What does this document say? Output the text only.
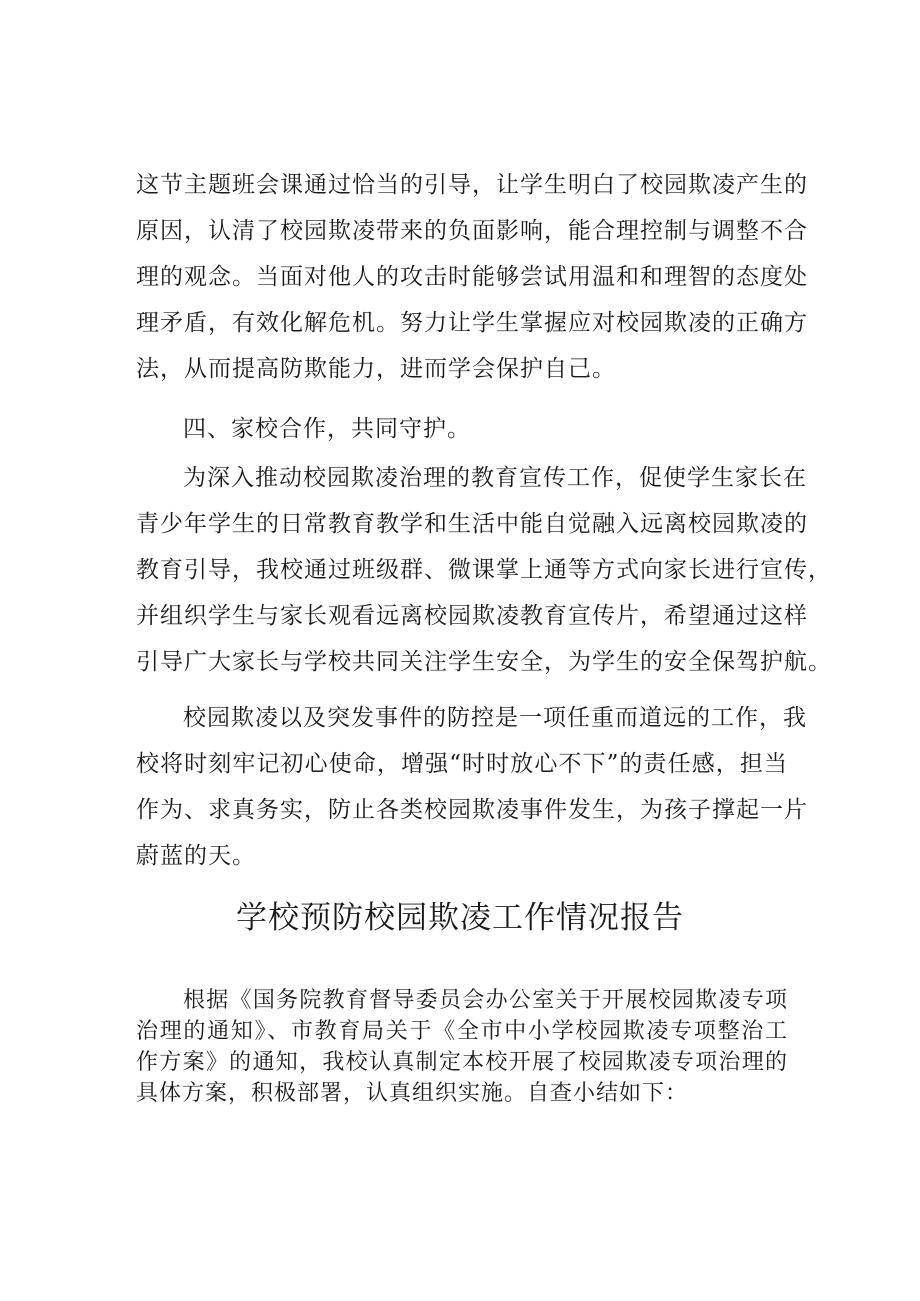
这节主题班会课通过恰当的引导，让学生明白了校园欺凌产生的
原因，认清了校园欺凌带来的负面影响，能合理控制与调整不合
理的观念。当面对他人的攻击时能够尝试用温和和理智的态度处
理矛盾，有效化解危机。努力让学生掌握应对校园欺凌的正确方
法，从而提高防欺能力，进而学会保护自己。
四、家校合作，共同守护。
为深入推动校园欺凌治理的教育宣传工作，促使学生家长在
青少年学生的日常教育教学和生活中能自觉融入远离校园欺凌的
教育引导，我校通过班级群、微课掌上通等方式向家长进行宣传，
并组织学生与家长观看远离校园欺凌教育宣传片，希望通过这样
引导广大家长与学校共同关注学生安全，为学生的安全保驾护航。
校园欺凌以及突发事件的防控是一项任重而道远的工作，我
校将时刻牢记初心使命，增强“时时放心不下”的责任感，担当
作为、求真务实，防止各类校园欺凌事件发生，为孩子撑起一片
蔚蓝的天。
学校预防校园欺凌工作情况报告
根据《国务院教育督导委员会办公室关于开展校园欺凌专项
治理的通知》、市教育局关于《全市中小学校园欺凌专项整治工
作方案》的通知，我校认真制定本校开展了校园欺凌专项治理的
具体方案，积极部署，认真组织实施。自查小结如下：
